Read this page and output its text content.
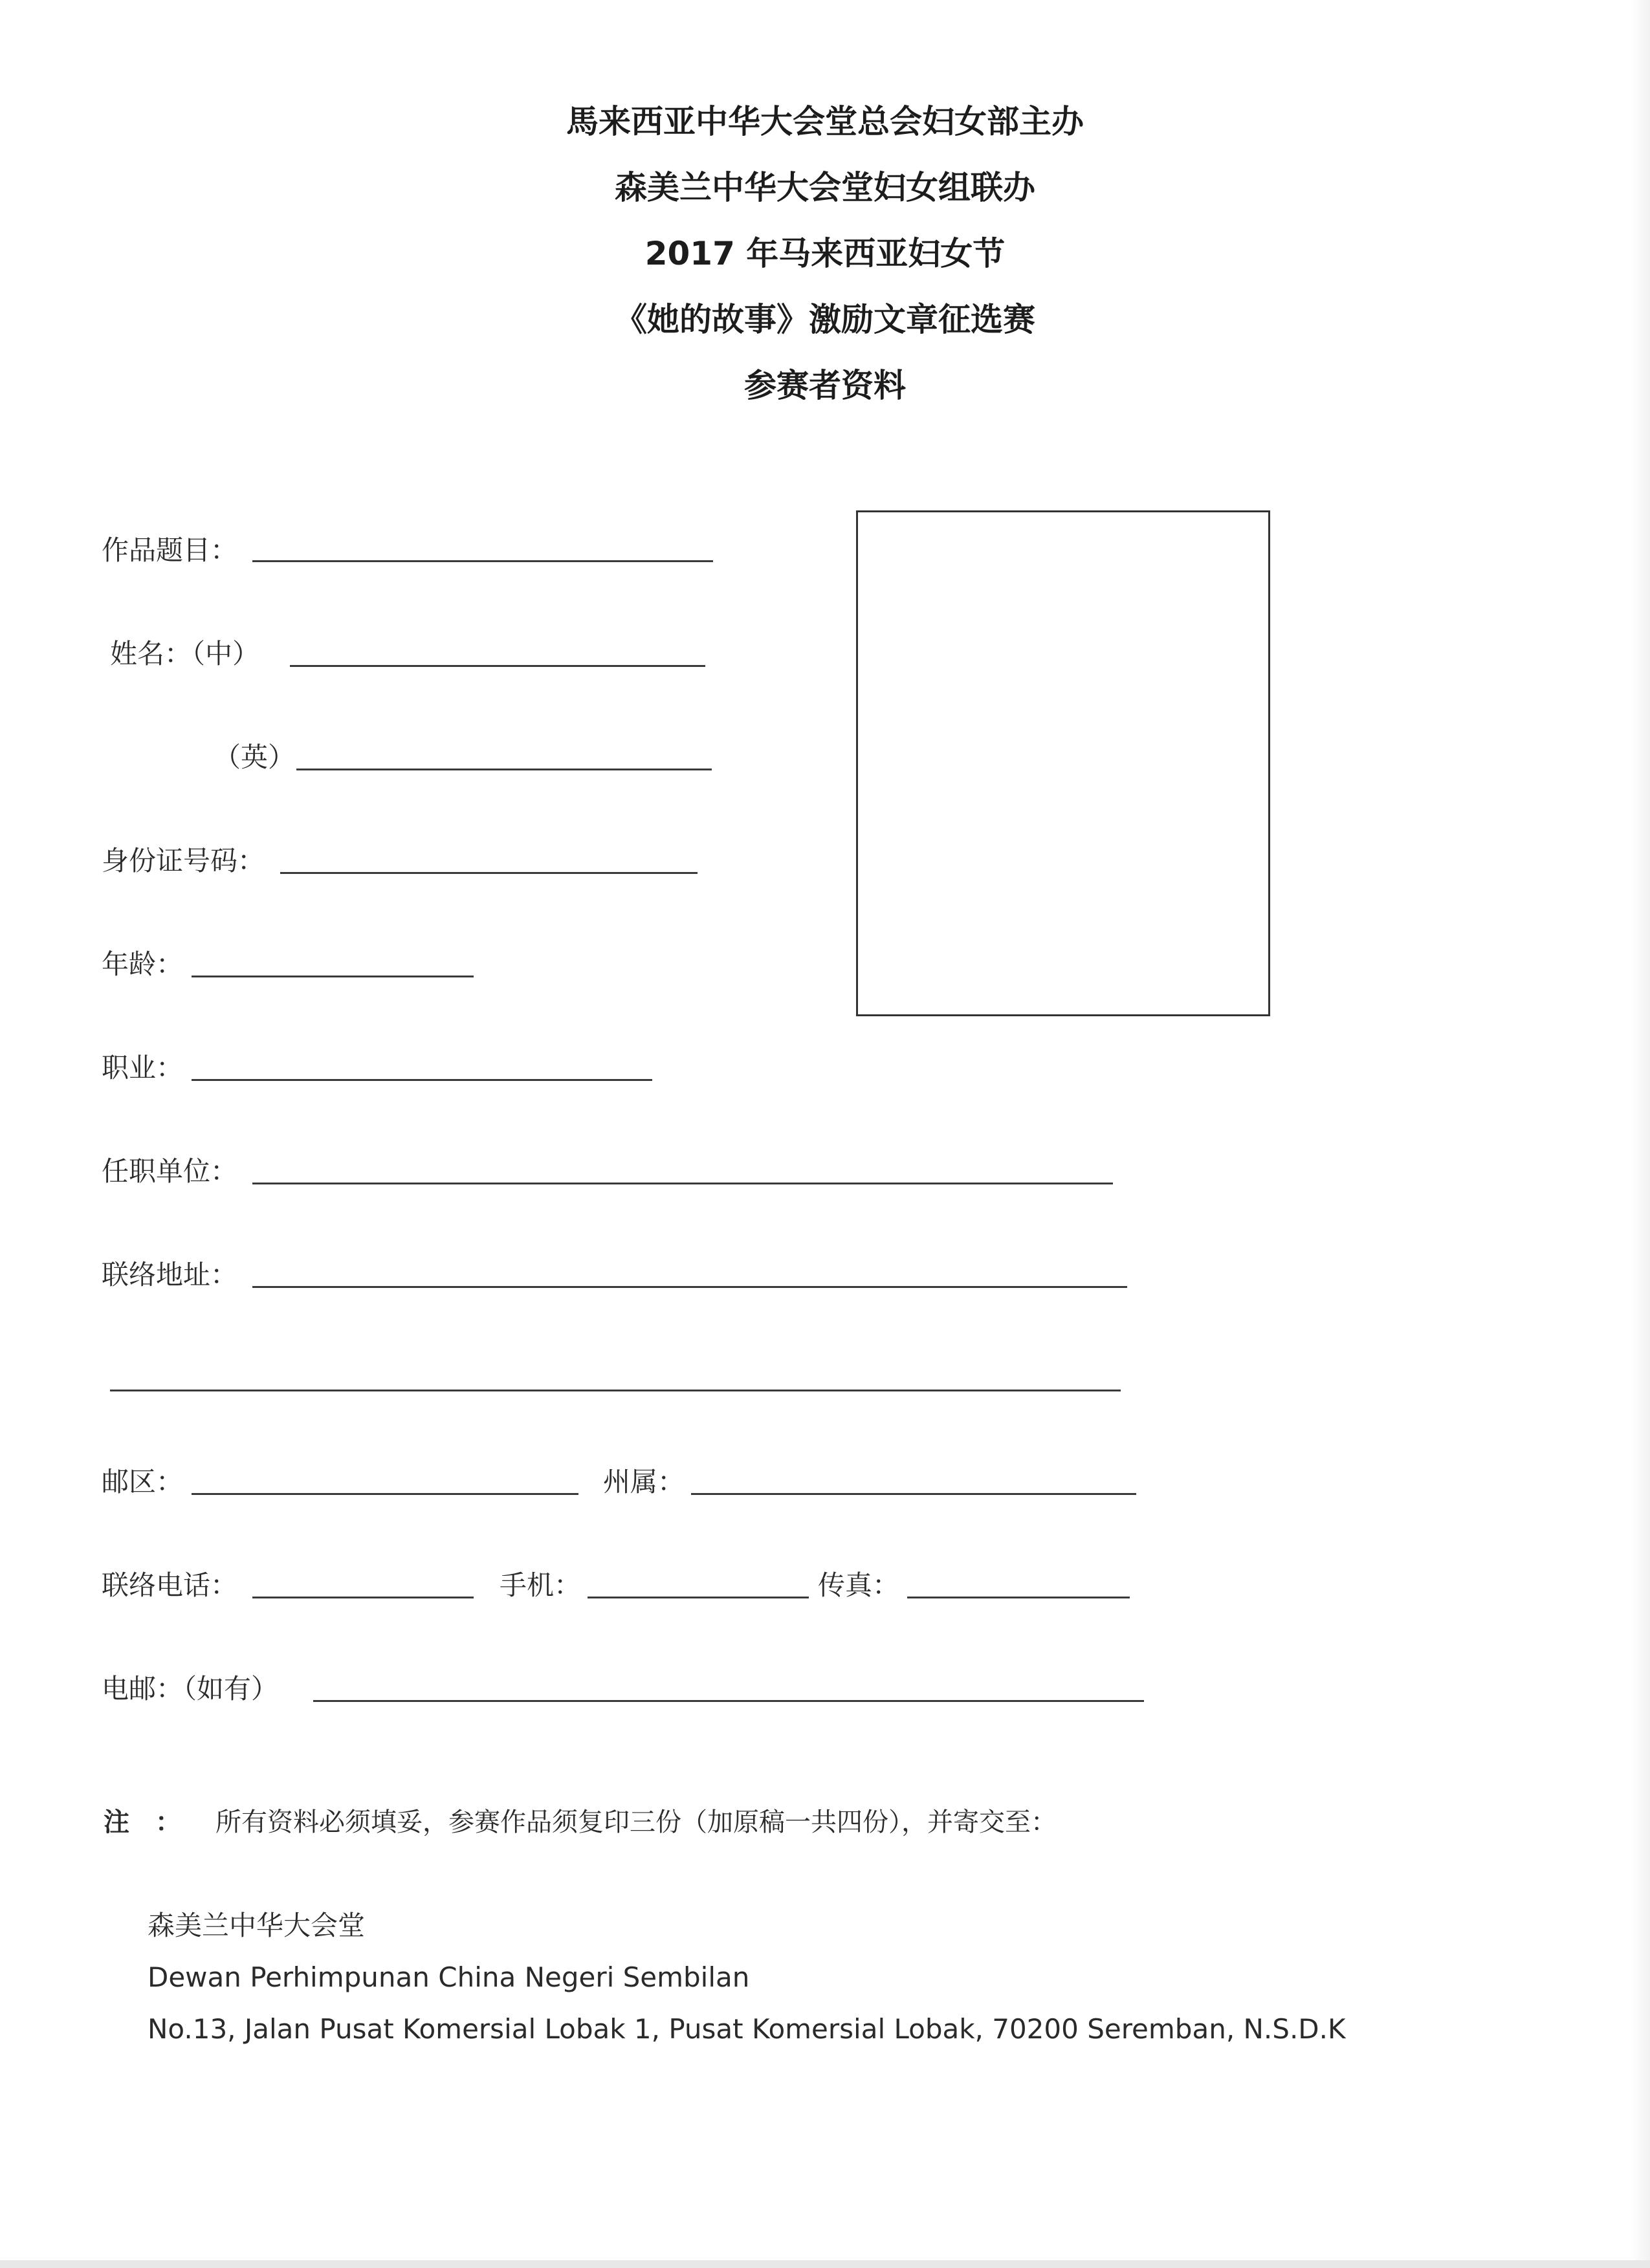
馬来西亚中华大会堂总会妇女部主办
森美兰中华大会堂妇女组联办
2017 年马来西亚妇女节
《她的故事》激励文章征选赛
参赛者资料
作品题目：
姓名：（中）
（英）
身份证号码：
年龄：
职业：
任职单位：
联络地址：
邮区：	州属：
联络电话：	手机：	传真：
电邮：（如有）
注　： 所有资料必须填妥，参赛作品须复印三份（加原稿一共四份），并寄交至：
森美兰中华大会堂
Dewan Perhimpunan China Negeri Sembilan
No.13, Jalan Pusat Komersial Lobak 1, Pusat Komersial Lobak, 70200 Seremban, N.S.D.K
